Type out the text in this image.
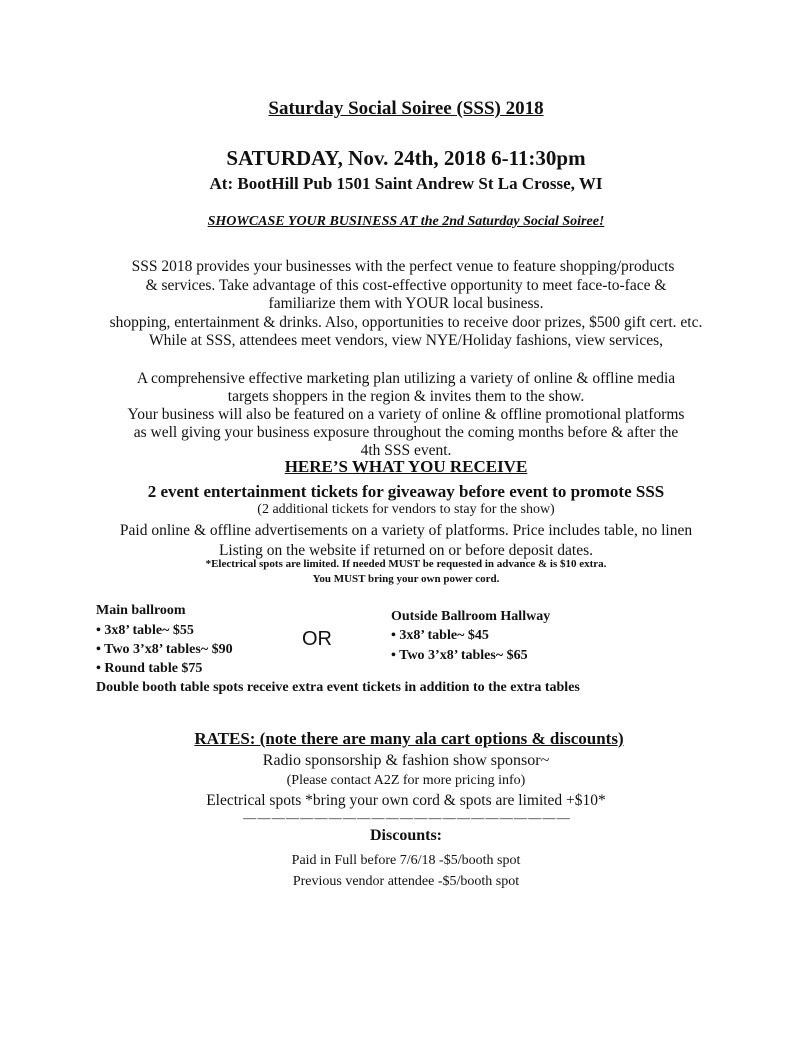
Saturday Social Soiree (SSS) 2018
SATURDAY, Nov. 24th, 2018 6-11:30pm
At: BootHill Pub 1501 Saint Andrew St La Crosse, WI
SHOWCASE YOUR BUSINESS AT the 2nd Saturday Social Soiree!
SSS 2018 provides your businesses with the perfect venue to feature shopping/products
& services. Take advantage of this cost-effective opportunity to meet face-to-face &
familiarize them with YOUR local business.
shopping, entertainment & drinks. Also, opportunities to receive door prizes, $500 gift cert. etc.
While at SSS, attendees meet vendors, view NYE/Holiday fashions, view services,
A comprehensive effective marketing plan utilizing a variety of online & offline media
targets shoppers in the region & invites them to the show.
Your business will also be featured on a variety of online & offline promotional platforms
as well giving your business exposure throughout the coming months before & after the
4th SSS event.
HERE’S WHAT YOU RECEIVE
2 event entertainment tickets for giveaway before event to promote SSS
(2 additional tickets for vendors to stay for the show)
Paid online & offline advertisements on a variety of platforms. Price includes table, no linen
Listing on the website if returned on or before deposit dates.
*Electrical spots are limited. If needed MUST be requested in advance & is $10 extra.
You MUST bring your own power cord.
Main ballroom
• 3x8’ table~ $55
• Two 3’x8’ tables~ $90
• Round table $75
OR
Outside Ballroom Hallway
• 3x8’ table~ $45
• Two 3’x8’ tables~ $65
Double booth table spots receive extra event tickets in addition to the extra tables
RATES: (note there are many ala cart options & discounts)
Radio sponsorship & fashion show sponsor~
(Please contact A2Z for more pricing info)
Electrical spots *bring your own cord & spots are limited +$10*
— — — — — — — — — — — — — — — — — — — — — — —
Discounts:
Paid in Full before 7/6/18 -$5/booth spot
Previous vendor attendee -$5/booth spot
